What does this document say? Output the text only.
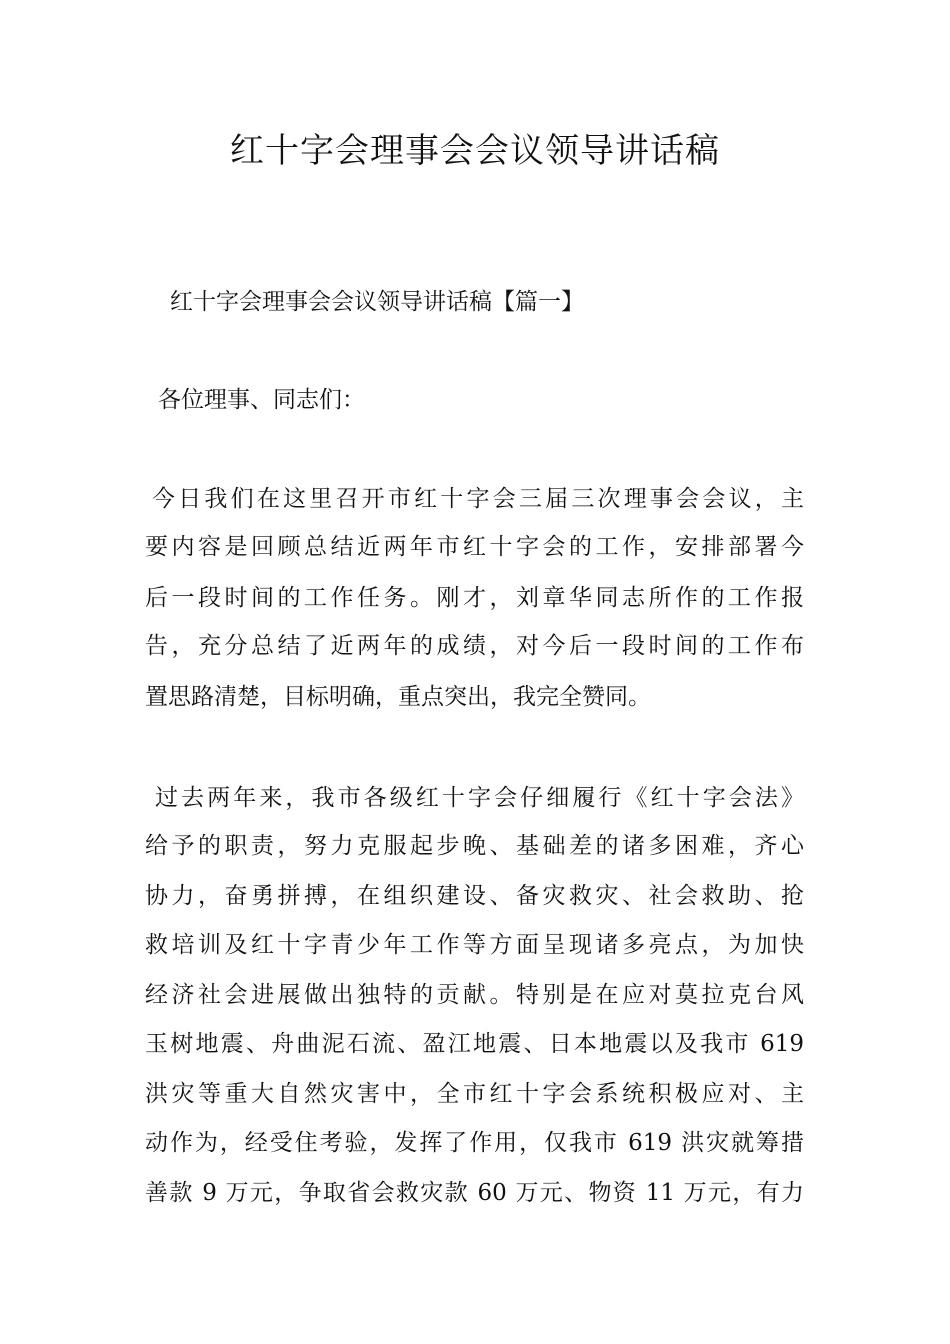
红十字会理事会会议领导讲话稿
红十字会理事会会议领导讲话稿【篇一】
各位理事、同志们：
今日我们在这里召开市红十字会三届三次理事会会议，主
要内容是回顾总结近两年市红十字会的工作，安排部署今
后一段时间的工作任务。刚才，刘章华同志所作的工作报
告，充分总结了近两年的成绩，对今后一段时间的工作布
置思路清楚，目标明确，重点突出，我完全赞同。
过去两年来，我市各级红十字会仔细履行《红十字会法》
给予的职责，努力克服起步晚、基础差的诸多困难，齐心
协力，奋勇拼搏，在组织建设、备灾救灾、社会救助、抢
救培训及红十字青少年工作等方面呈现诸多亮点，为加快
经济社会进展做出独特的贡献。特别是在应对莫拉克台风
玉树地震、舟曲泥石流、盈江地震、日本地震以及我市 619
洪灾等重大自然灾害中，全市红十字会系统积极应对、主
动作为，经受住考验，发挥了作用，仅我市 619 洪灾就筹措
善款 9 万元，争取省会救灾款 60 万元、物资 11 万元，有力
